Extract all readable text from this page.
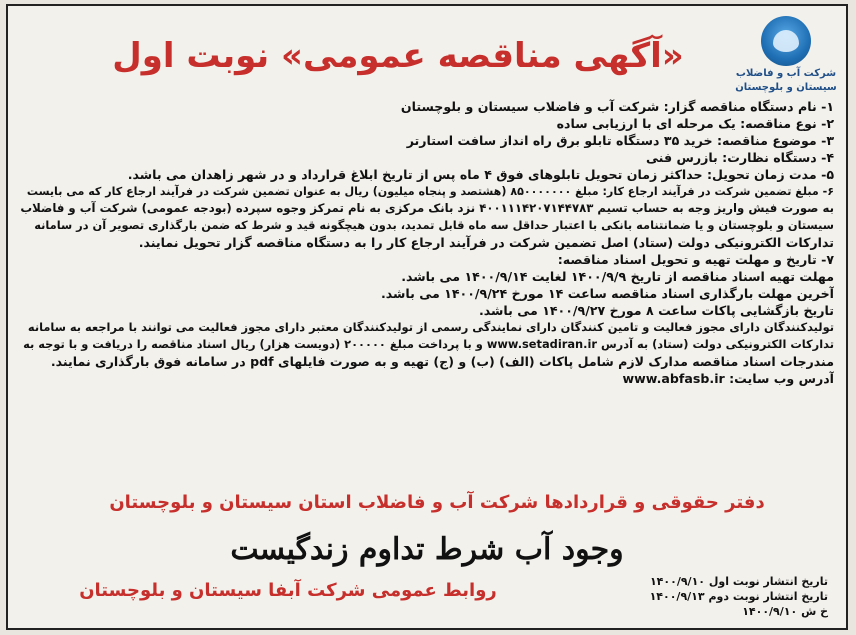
شرکت آب و فاضلاب
سیستان و بلوچستان
«آگهی مناقصه عمومی» نوبت اول
۱- نام دستگاه مناقصه گزار: شرکت آب و فاضلاب سیستان و بلوچستان
۲- نوع مناقصه: یک مرحله ای با ارزیابی ساده
۳- موضوع مناقصه: خرید ۳۵ دستگاه تابلو برق راه انداز سافت استارتر
۴- دستگاه نظارت: بازرس فنی
۵- مدت زمان تحویل: حداکثر زمان تحویل تابلوهای فوق ۴ ماه پس از تاریخ ابلاغ قرارداد و در شهر زاهدان می باشد.
۶- مبلغ تضمین شرکت در فرآیند ارجاع کار: مبلغ ۸۵۰۰۰۰۰۰۰ (هشتصد و پنجاه میلیون) ریال به عنوان تضمین شرکت در فرآیند ارجاع کار که می بایست
به صورت فیش واریز وجه به حساب تسیم ۴۰۰۱۱۱۴۲۰۷۱۴۴۷۸۳ نزد بانک مرکزی به نام تمرکز وجوه سپرده (بودجه عمومی) شرکت آب و فاضلاب
سیستان و بلوچستان و یا ضمانتنامه بانکی با اعتبار حداقل سه ماه قابل تمدید، بدون هیچگونه قید و شرط که ضمن بارگذاری تصویر آن در سامانه
تدارکات الکترونیکی دولت (ستاد) اصل تضمین شرکت در فرآیند ارجاع کار را به دستگاه مناقصه گزار تحویل نمایند.
۷- تاریخ و مهلت تهیه و تحویل اسناد مناقصه:
مهلت تهیه اسناد مناقصه از تاریخ ۱۴۰۰/۹/۹ لغایت ۱۴۰۰/۹/۱۴ می باشد.
آخرین مهلت بارگذاری اسناد مناقصه ساعت ۱۴ مورخ ۱۴۰۰/۹/۲۴ می باشد.
تاریخ بازگشایی پاکات ساعت ۸ مورخ ۱۴۰۰/۹/۲۷ می باشد.
تولیدکنندگان دارای مجوز فعالیت و تامین کنندگان دارای نمایندگی رسمی از تولیدکنندگان معتبر دارای مجوز فعالیت می توانند با مراجعه به سامانه
تدارکات الکترونیکی دولت (ستاد) به آدرس www.setadiran.ir و با پرداخت مبلغ ۲۰۰۰۰۰ (دویست هزار) ریال اسناد مناقصه را دریافت و با توجه به
مندرجات اسناد مناقصه مدارک لازم شامل پاکات (الف) (ب) و (ج) تهیه و به صورت فایلهای pdf در سامانه فوق بارگذاری نمایند.
آدرس وب سایت: www.abfasb.ir
دفتر حقوقی و قراردادها شرکت آب و فاضلاب استان سیستان و بلوچستان
وجود آب شرط تداوم زندگیست
روابط عمومی شرکت آبفا سیستان و بلوچستان	تاریخ انتشار نوبت اول ۱۴۰۰/۹/۱۰
تاریخ انتشار نوبت دوم ۱۴۰۰/۹/۱۳
خ ش ۱۴۰۰/۹/۱۰
